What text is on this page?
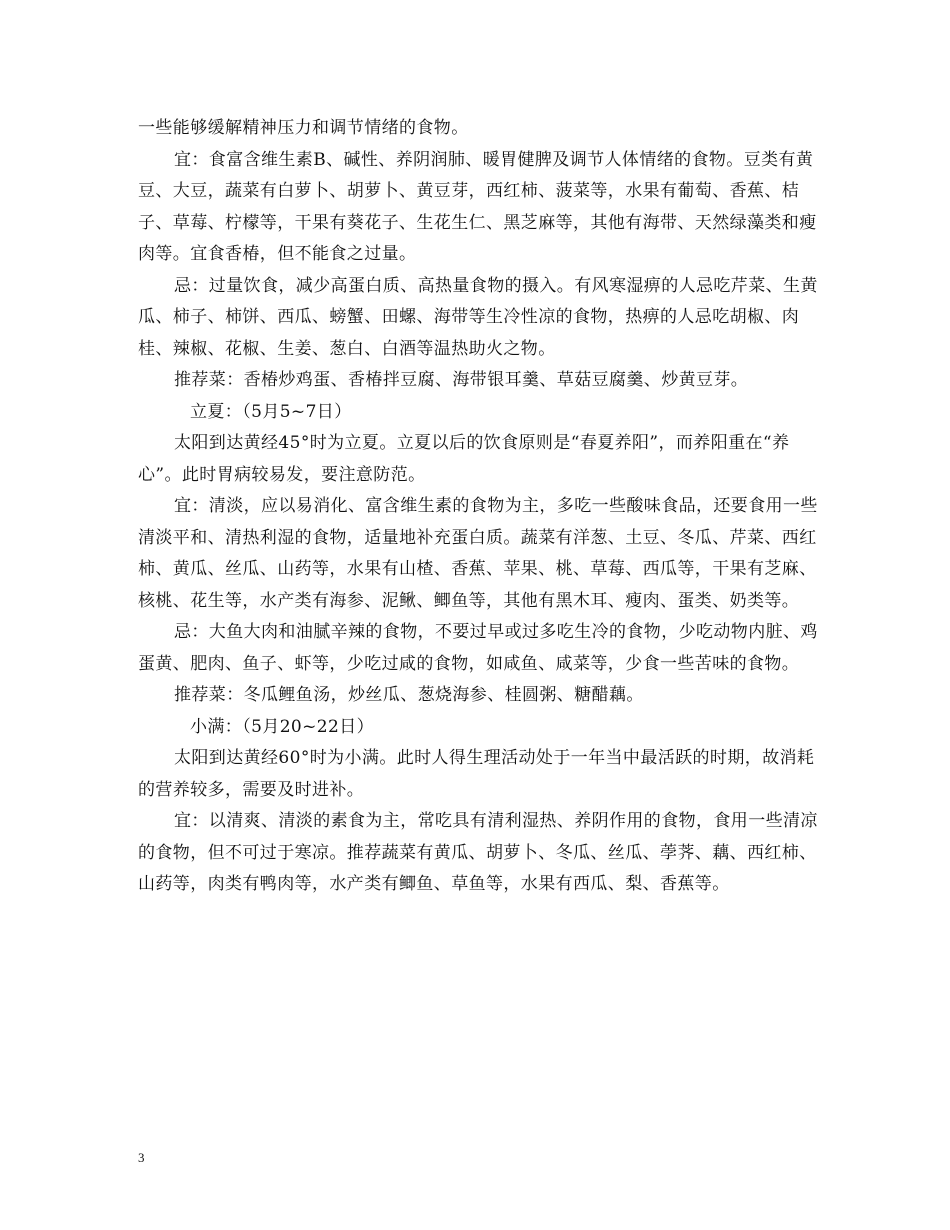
一些能够缓解精神压力和调节情绪的食物。

宜：食富含维生素B、碱性、养阴润肺、暖胃健脾及调节人体情绪的食物。豆类有黄豆、大豆，蔬菜有白萝卜、胡萝卜、黄豆芽，西红柿、菠菜等，水果有葡萄、香蕉、桔子、草莓、柠檬等，干果有葵花子、生花生仁、黑芝麻等，其他有海带、天然绿藻类和瘦肉等。宜食香椿，但不能食之过量。

忌：过量饮食，减少高蛋白质、高热量食物的摄入。有风寒湿痹的人忌吃芹菜、生黄瓜、柿子、柿饼、西瓜、螃蟹、田螺、海带等生冷性凉的食物，热痹的人忌吃胡椒、肉桂、辣椒、花椒、生姜、葱白、白酒等温热助火之物。

推荐菜：香椿炒鸡蛋、香椿拌豆腐、海带银耳羹、草菇豆腐羹、炒黄豆芽。

立夏：（5月5~7日）

太阳到达黄经45°时为立夏。立夏以后的饮食原则是“春夏养阳”，而养阳重在“养心”。此时胃病较易发，要注意防范。

宜：清淡，应以易消化、富含维生素的食物为主，多吃一些酸味食品，还要食用一些清淡平和、清热利湿的食物，适量地补充蛋白质。蔬菜有洋葱、土豆、冬瓜、芹菜、西红柿、黄瓜、丝瓜、山药等，水果有山楂、香蕉、苹果、桃、草莓、西瓜等，干果有芝麻、核桃、花生等，水产类有海参、泥鳅、鲫鱼等，其他有黑木耳、瘦肉、蛋类、奶类等。

忌：大鱼大肉和油腻辛辣的食物，不要过早或过多吃生冷的食物，少吃动物内脏、鸡蛋黄、肥肉、鱼子、虾等，少吃过咸的食物，如咸鱼、咸菜等，少食一些苦味的食物。

推荐菜：冬瓜鲤鱼汤，炒丝瓜、葱烧海参、桂圆粥、糖醋藕。

小满：（5月20~22日）

太阳到达黄经60°时为小满。此时人得生理活动处于一年当中最活跃的时期，故消耗的营养较多，需要及时进补。

宜：以清爽、清淡的素食为主，常吃具有清利湿热、养阴作用的食物，食用一些清凉的食物，但不可过于寒凉。推荐蔬菜有黄瓜、胡萝卜、冬瓜、丝瓜、荸荠、藕、西红柿、山药等，肉类有鸭肉等，水产类有鲫鱼、草鱼等，水果有西瓜、梨、香蕉等。

3
